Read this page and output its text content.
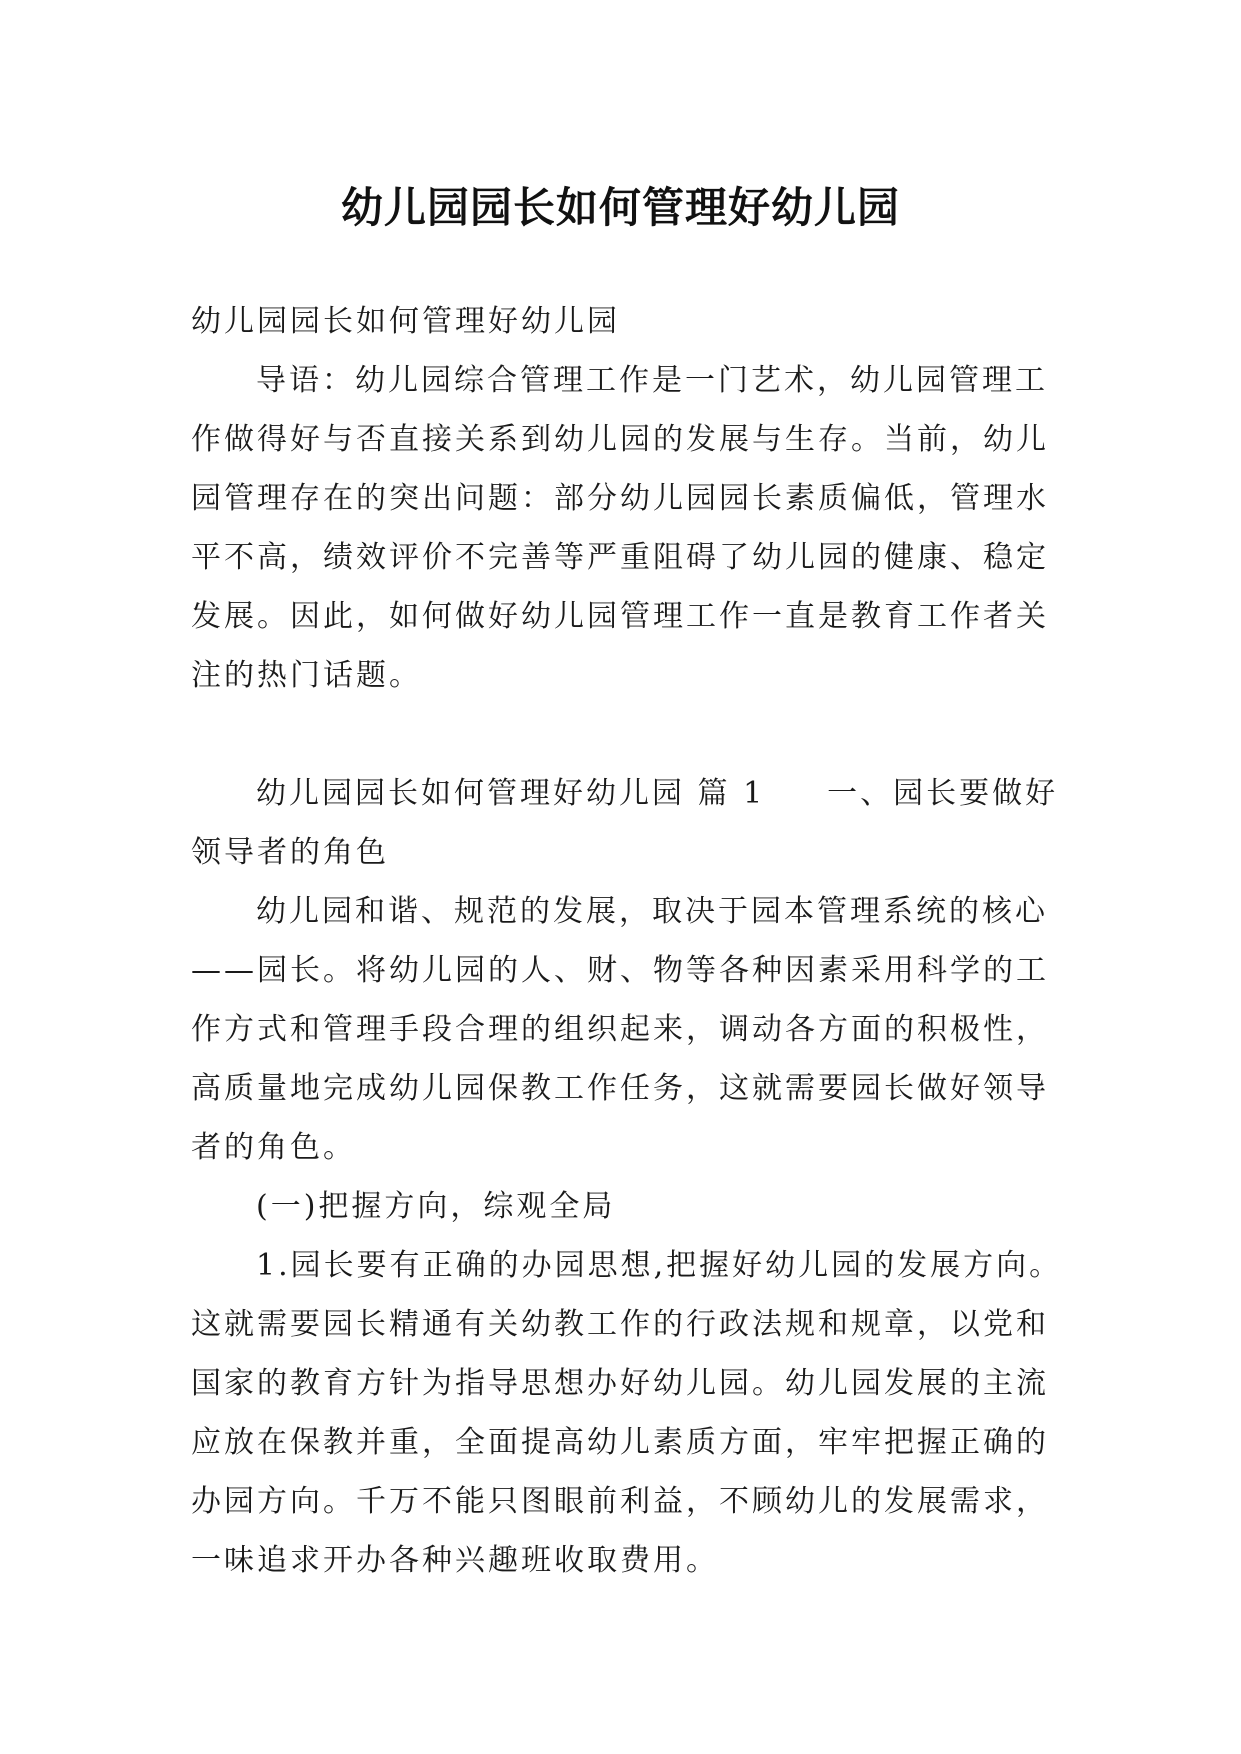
幼儿园园长如何管理好幼儿园

幼儿园园长如何管理好幼儿园

导语：幼儿园综合管理工作是一门艺术，幼儿园管理工
作做得好与否直接关系到幼儿园的发展与生存。当前，幼儿
园管理存在的突出问题：部分幼儿园园长素质偏低，管理水
平不高，绩效评价不完善等严重阻碍了幼儿园的健康、稳定
发展。因此，如何做好幼儿园管理工作一直是教育工作者关
注的热门话题。

幼儿园园长如何管理好幼儿园 篇 1 一、园长要做好
领导者的角色

幼儿园和谐、规范的发展，取决于园本管理系统的核心
——园长。将幼儿园的人、财、物等各种因素采用科学的工
作方式和管理手段合理的组织起来，调动各方面的积极性，
高质量地完成幼儿园保教工作任务，这就需要园长做好领导
者的角色。

(一)把握方向，综观全局

1.园长要有正确的办园思想,把握好幼儿园的发展方向。
这就需要园长精通有关幼教工作的行政法规和规章，以党和
国家的教育方针为指导思想办好幼儿园。幼儿园发展的主流
应放在保教并重，全面提高幼儿素质方面，牢牢把握正确的
办园方向。千万不能只图眼前利益，不顾幼儿的发展需求，
一味追求开办各种兴趣班收取费用。
